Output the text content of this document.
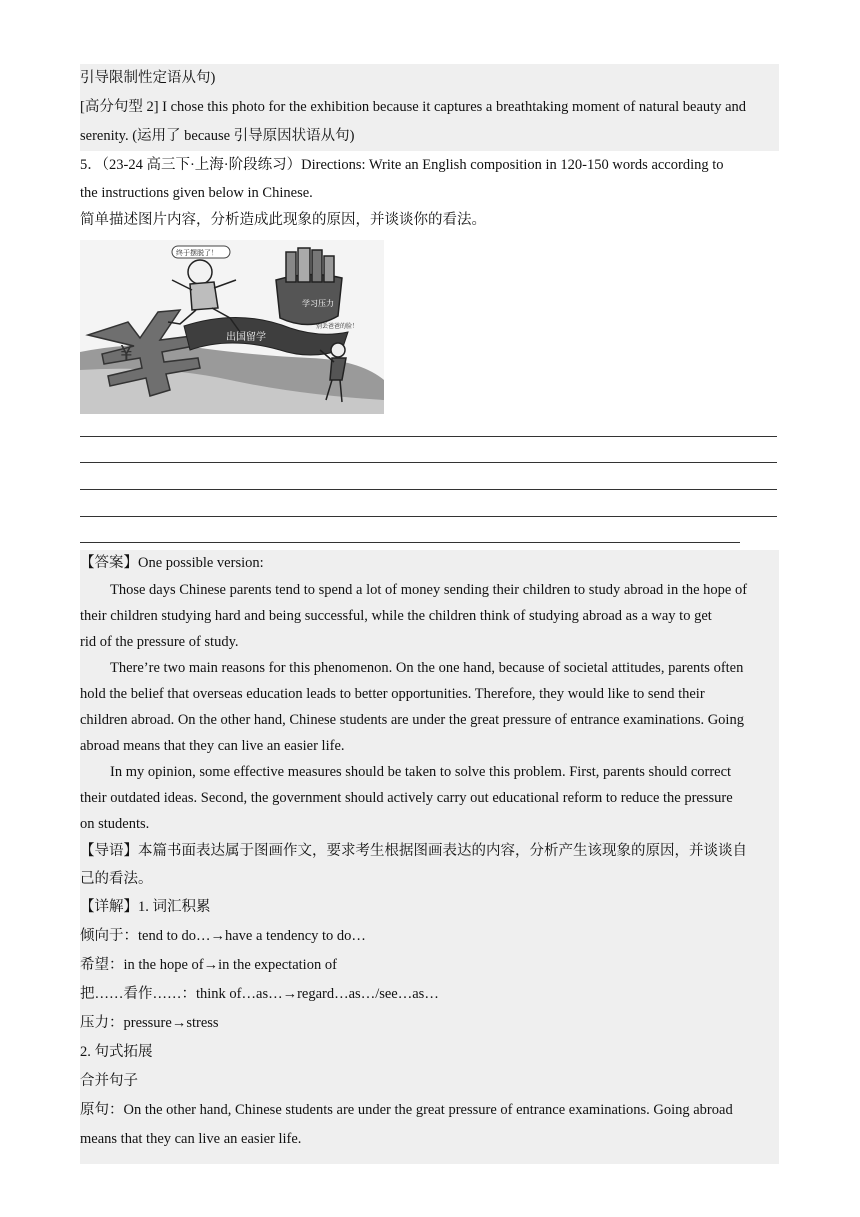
引导限制性定语从句)
[高分句型 2] I chose this photo for the exhibition because it captures a breathtaking moment of natural beauty and
serenity. (运用了 because 引导原因状语从句)
5．（23-24 高三下·上海·阶段练习）Directions: Write an English composition in 120-150 words according to
the instructions given below in Chinese.
简单描述图片内容，分析造成此现象的原因，并谈谈你的看法。
¥
出国留学
终于摆脱了！
学习压力
别丢爸爸的脸！
【答案】One possible version:
Those days Chinese parents tend to spend a lot of money sending their children to study abroad in the hope of
their children studying hard and being successful, while the children think of studying abroad as a way to get
rid of the pressure of study.
There’re two main reasons for this phenomenon. On the one hand, because of societal attitudes, parents often
hold the belief that overseas education leads to better opportunities. Therefore, they would like to send their
children abroad. On the other hand, Chinese students are under the great pressure of entrance examinations. Going
abroad means that they can live an easier life.
In my opinion, some effective measures should be taken to solve this problem. First, parents should correct
their outdated ideas. Second, the government should actively carry out educational reform to reduce the pressure
on students.
【导语】本篇书面表达属于图画作文，要求考生根据图画表达的内容，分析产生该现象的原因，并谈谈自
己的看法。
【详解】1. 词汇积累
倾向于：tend to do…→have a tendency to do…
希望：in the hope of→in the expectation of
把……看作……：think of…as…→regard…as…/see…as…
压力：pressure→stress
2. 句式拓展
合并句子
原句：On the other hand, Chinese students are under the great pressure of entrance examinations. Going abroad
means that they can live an easier life.
